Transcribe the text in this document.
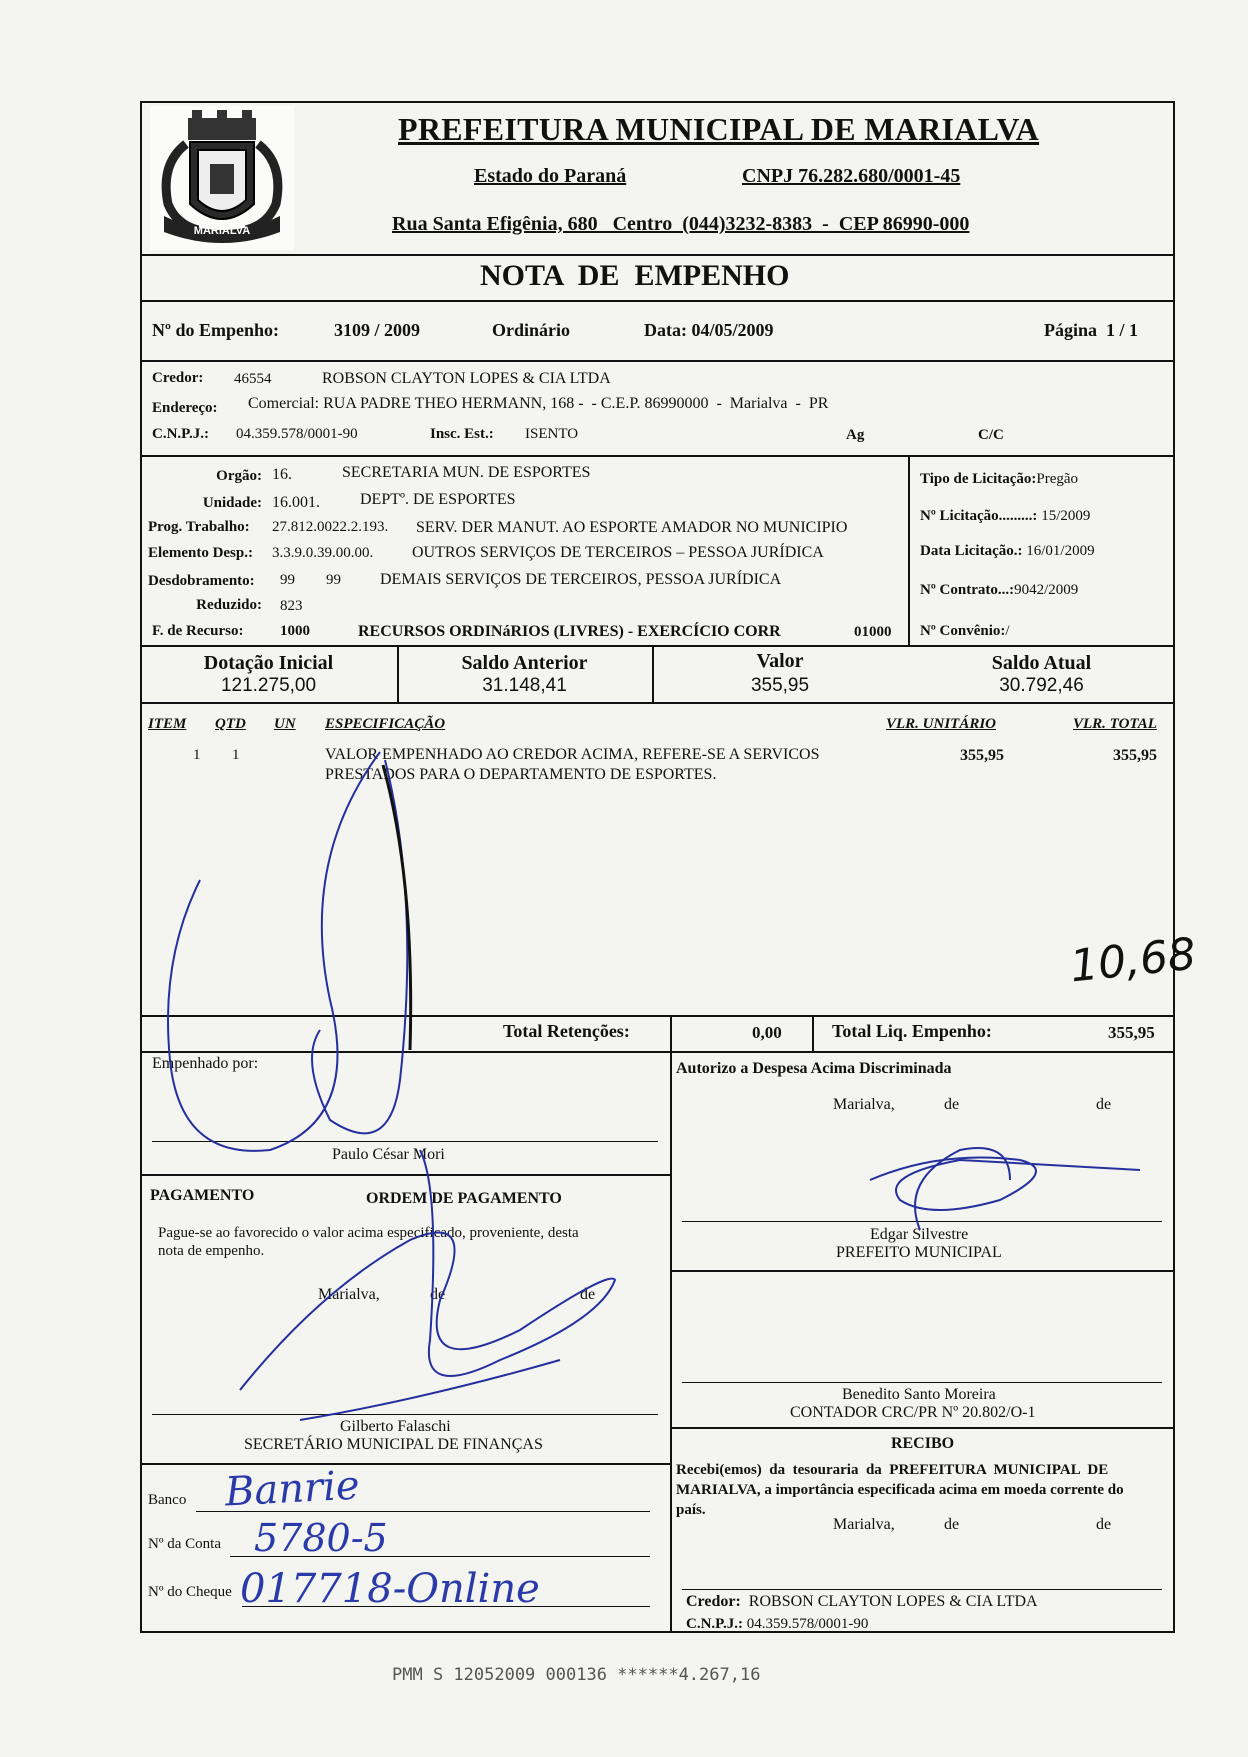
MARIALVA
PREFEITURA MUNICIPAL DE MARIALVA
Estado do Paraná	CNPJ 76.282.680/0001-45
Rua Santa Efigênia, 680   Centro  (044)3232-8383  -  CEP 86990-000
NOTA  DE  EMPENHO
Nº do Empenho:	3109 / 2009	Ordinário	Data: 04/05/2009	Página  1 / 1
Credor: 46554	ROBSON CLAYTON LOPES & CIA LTDA
Endereço: Comercial: RUA PADRE THEO HERMANN, 168 -  - C.E.P. 86990000  -  Marialva  -  PR
C.N.P.J.: 04.359.578/0001-90	Insc. Est.: ISENTO	Ag	C/C
Orgão: 16.	SECRETARIA MUN. DE ESPORTES
Unidade: 16.001.	DEPTº. DE ESPORTES
Prog. Trabalho: 27.812.0022.2.193. SERV. DER MANUT. AO ESPORTE AMADOR NO MUNICIPIO
Elemento Desp.: 3.3.9.0.39.00.00. OUTROS SERVIÇOS DE TERCEIROS – PESSOA JURÍDICA
Desdobramento: 99 99 DEMAIS SERVIÇOS DE TERCEIROS, PESSOA JURÍDICA
Reduzido: 823
F. de Recurso: 1000	RECURSOS ORDINáRIOS (LIVRES) - EXERCÍCIO CORR	01000
Tipo de Licitação:Pregão
Nº Licitação.........: 15/2009
Data Licitação.: 16/01/2009
Nº Contrato...:9042/2009
Nº Convênio:/
Dotação Inicial
121.275,00
Saldo Anterior
31.148,41
Valor
355,95
Saldo Atual
30.792,46
ITEM QTD UN ESPECIFICAÇÃO	VLR. UNITÁRIO	VLR. TOTAL
1 1	VALOR EMPENHADO AO CREDOR ACIMA, REFERE-SE A SERVICOS
PRESTADOS PARA O DEPARTAMENTO DE ESPORTES.
355,95	355,95
10,68
Total Retenções:	0,00	Total Liq. Empenho:	355,95
Empenhado por:
Paulo César Mori
Autorizo a Despesa Acima Discriminada
Marialva,	de	de
Edgar Silvestre
PREFEITO MUNICIPAL
PAGAMENTO	ORDEM DE PAGAMENTO
Pague-se ao favorecido o valor acima especificado, proveniente, desta
nota de empenho.
Marialva,	de	de
Gilberto Falaschi
SECRETÁRIO MUNICIPAL DE FINANÇAS
Benedito Santo Moreira
CONTADOR CRC/PR Nº 20.802/O-1
Banco
Nº da Conta
Nº do Cheque
Banrie
5780-5
017718-Online
RECIBO
Recebi(emos)  da  tesouraria  da  PREFEITURA  MUNICIPAL  DE
MARIALVA, a importância especificada acima em moeda corrente do
país.
Marialva,	de	de
Credor: ROBSON CLAYTON LOPES & CIA LTDA
C.N.P.J.: 04.359.578/0001-90
PMM S 12052009 000136 ******4.267,16
